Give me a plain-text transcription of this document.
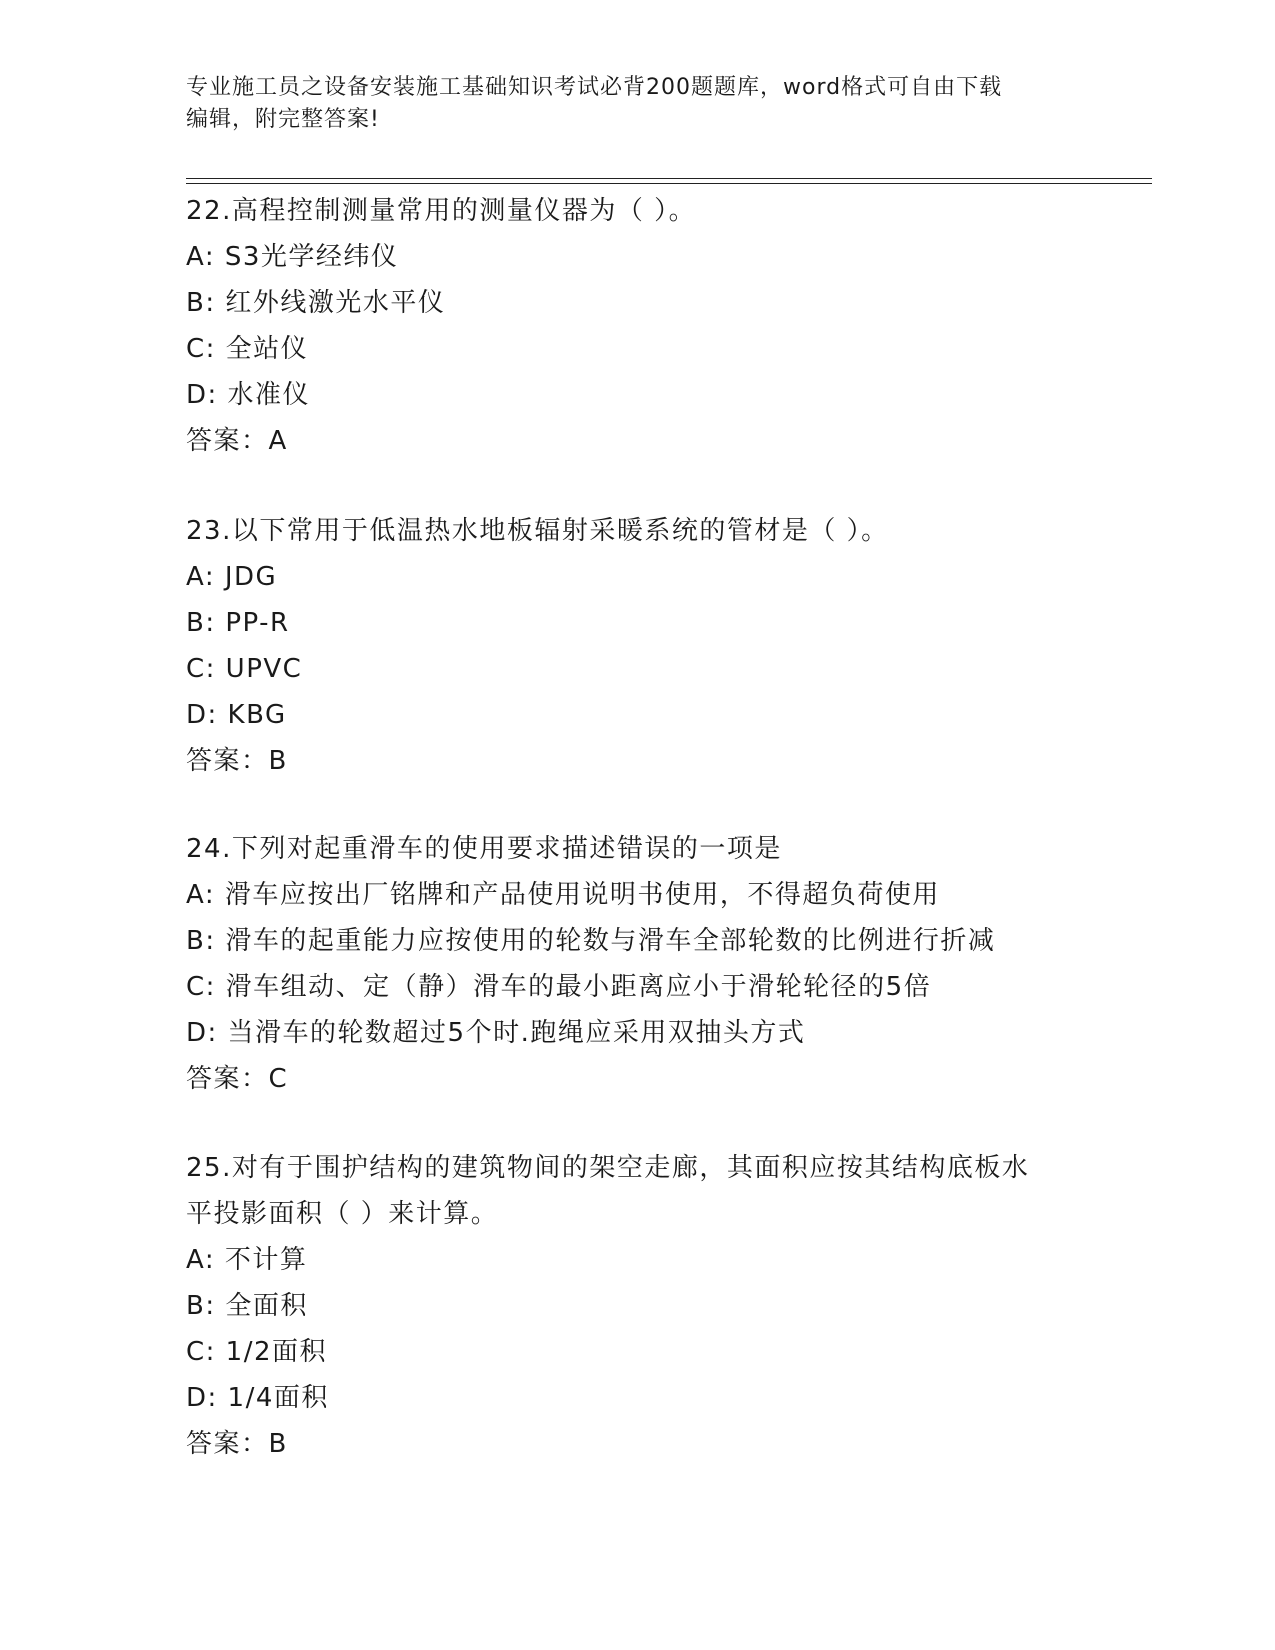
专业施工员之设备安装施工基础知识考试必背200题题库，word格式可自由下载
编辑，附完整答案!

22.高程控制测量常用的测量仪器为（ ）。

A: S3光学经纬仪

B: 红外线激光水平仪

C: 全站仪

D: 水准仪

答案：A

23.以下常用于低温热水地板辐射采暖系统的管材是（ ）。

A: JDG

B: PP-R

C: UPVC

D: KBG

答案：B

24.下列对起重滑车的使用要求描述错误的一项是

A: 滑车应按出厂铭牌和产品使用说明书使用，不得超负荷使用

B: 滑车的起重能力应按使用的轮数与滑车全部轮数的比例进行折减

C: 滑车组动、定（静）滑车的最小距离应小于滑轮轮径的5倍

D: 当滑车的轮数超过5个时.跑绳应采用双抽头方式

答案：C

25.对有于围护结构的建筑物间的架空走廊，其面积应按其结构底板水

平投影面积（ ）来计算。

A: 不计算

B: 全面积

C: 1/2面积

D: 1/4面积

答案：B
